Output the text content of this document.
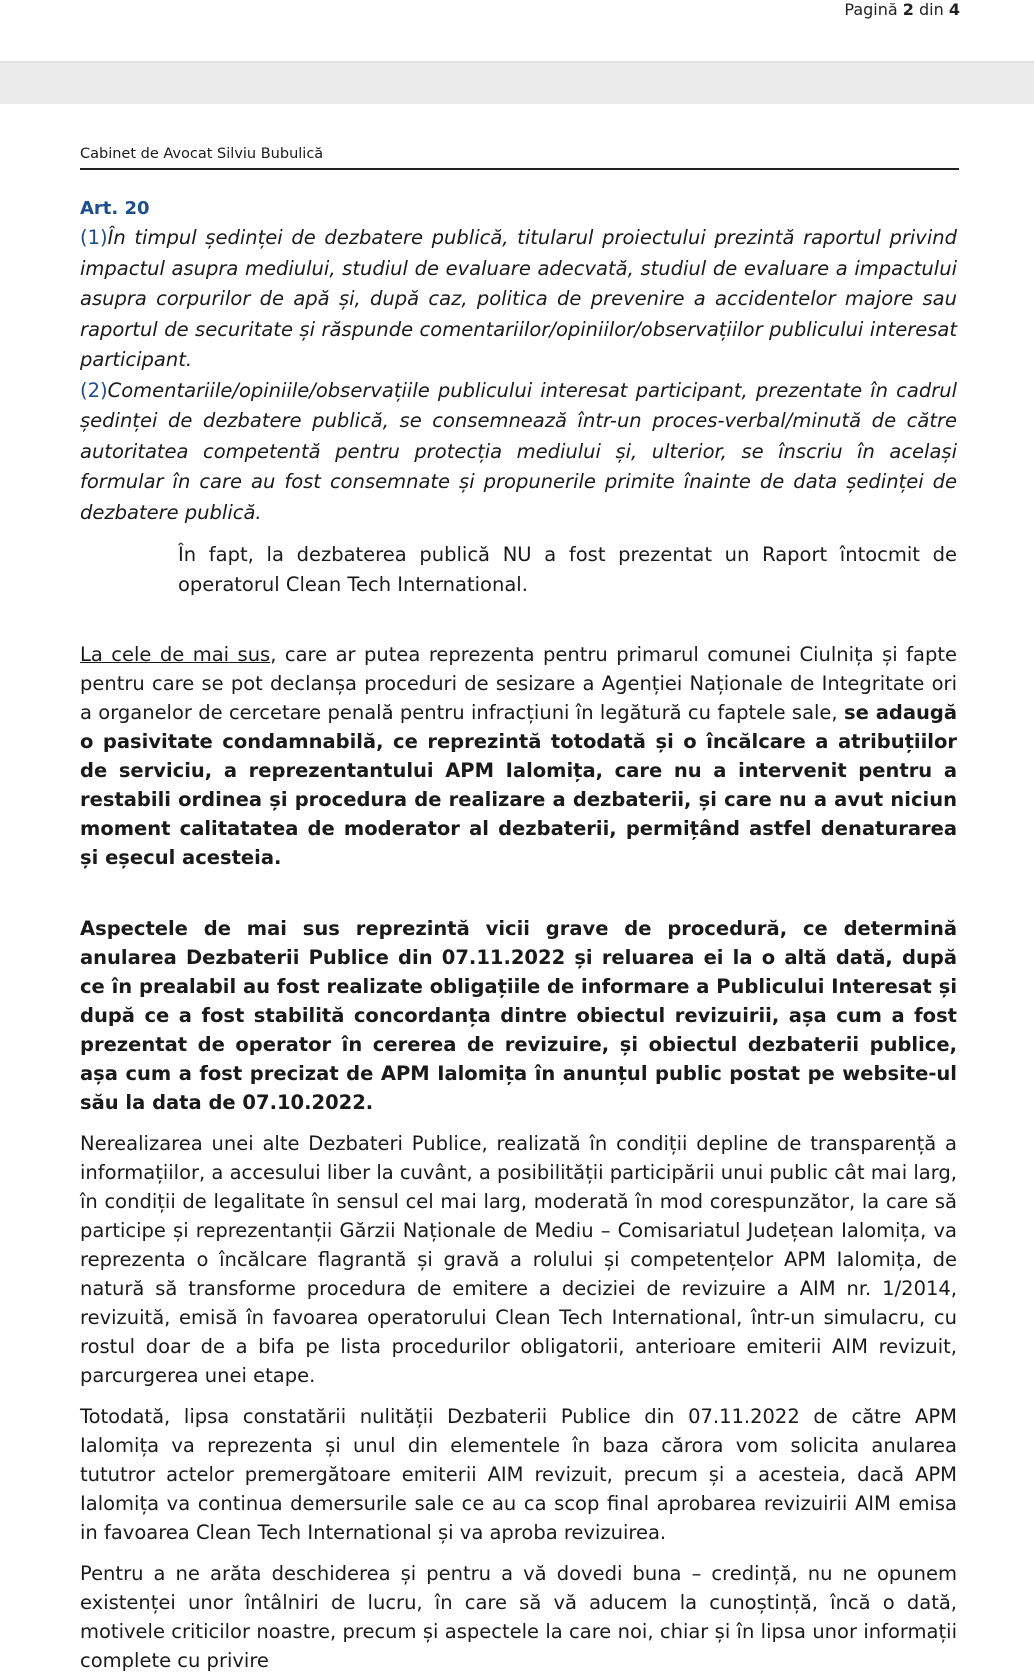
Pagină 2 din 4
Cabinet de Avocat Silviu Bubulică

Art. 20

(1)În timpul ședinței de dezbatere publică, titularul proiectului prezintă raportul privind impactul asupra mediului, studiul de evaluare adecvată, studiul de evaluare a impactului asupra corpurilor de apă și, după caz, politica de prevenire a accidentelor majore sau raportul de securitate și răspunde comentariilor/opiniilor/observațiilor publicului interesat participant.

(2)Comentariile/opiniile/observațiile publicului interesat participant, prezentate în cadrul ședinței de dezbatere publică, se consemnează într-un proces-verbal/minută de către autoritatea competentă pentru protecția mediului și, ulterior, se înscriu în același formular în care au fost consemnate și propunerile primite înainte de data ședinței de dezbatere publică.

În fapt, la dezbaterea publică NU a fost prezentat un Raport întocmit de operatorul Clean Tech International.

La cele de mai sus, care ar putea reprezenta pentru primarul comunei Ciulnița și fapte pentru care se pot declanșa proceduri de sesizare a Agenției Naționale de Integritate ori a organelor de cercetare penală pentru infracțiuni în legătură cu faptele sale, se adaugă o pasivitate condamnabilă, ce reprezintă totodată și o încălcare a atribuțiilor de serviciu, a reprezentantului APM Ialomița, care nu a intervenit pentru a restabili ordinea și procedura de realizare a dezbaterii, și care nu a avut niciun moment calitatatea de moderator al dezbaterii, permițând astfel denaturarea și eșecul acesteia.

Aspectele de mai sus reprezintă vicii grave de procedură, ce determină anularea Dezbaterii Publice din 07.11.2022 și reluarea ei la o altă dată, după ce în prealabil au fost realizate obligațiile de informare a Publicului Interesat și după ce a fost stabilită concordanța dintre obiectul revizuirii, așa cum a fost prezentat de operator în cererea de revizuire, și obiectul dezbaterii publice, așa cum a fost precizat de APM Ialomița în anunțul public postat pe website-ul său la data de 07.10.2022.

Nerealizarea unei alte Dezbateri Publice, realizată în condiții depline de transparență a informațiilor, a accesului liber la cuvânt, a posibilității participării unui public cât mai larg, în condiții de legalitate în sensul cel mai larg, moderată în mod corespunzător, la care să participe și reprezentanții Gărzii Naționale de Mediu – Comisariatul Județean Ialomița, va reprezenta o încălcare flagrantă și gravă a rolului și competențelor APM Ialomița, de natură să transforme procedura de emitere a deciziei de revizuire a AIM nr. 1/2014, revizuită, emisă în favoarea operatorului Clean Tech International, într-un simulacru, cu rostul doar de a bifa pe lista procedurilor obligatorii, anterioare emiterii AIM revizuit, parcurgerea unei etape.

Totodată, lipsa constatării nulității Dezbaterii Publice din 07.11.2022 de către APM Ialomița va reprezenta și unul din elementele în baza cărora vom solicita anularea tututror actelor premergătoare emiterii AIM revizuit, precum și a acesteia, dacă APM Ialomița va continua demersurile sale ce au ca scop final aprobarea revizuirii AIM emisa in favoarea Clean Tech International și va aproba revizuirea.

Pentru a ne arăta deschiderea și pentru a vă dovedi buna – credință, nu ne opunem existenței unor întâlniri de lucru, în care să vă aducem la cunoștință, încă o dată, motivele criticilor noastre, precum și aspectele la care noi, chiar și în lipsa unor informații complete cu privire
